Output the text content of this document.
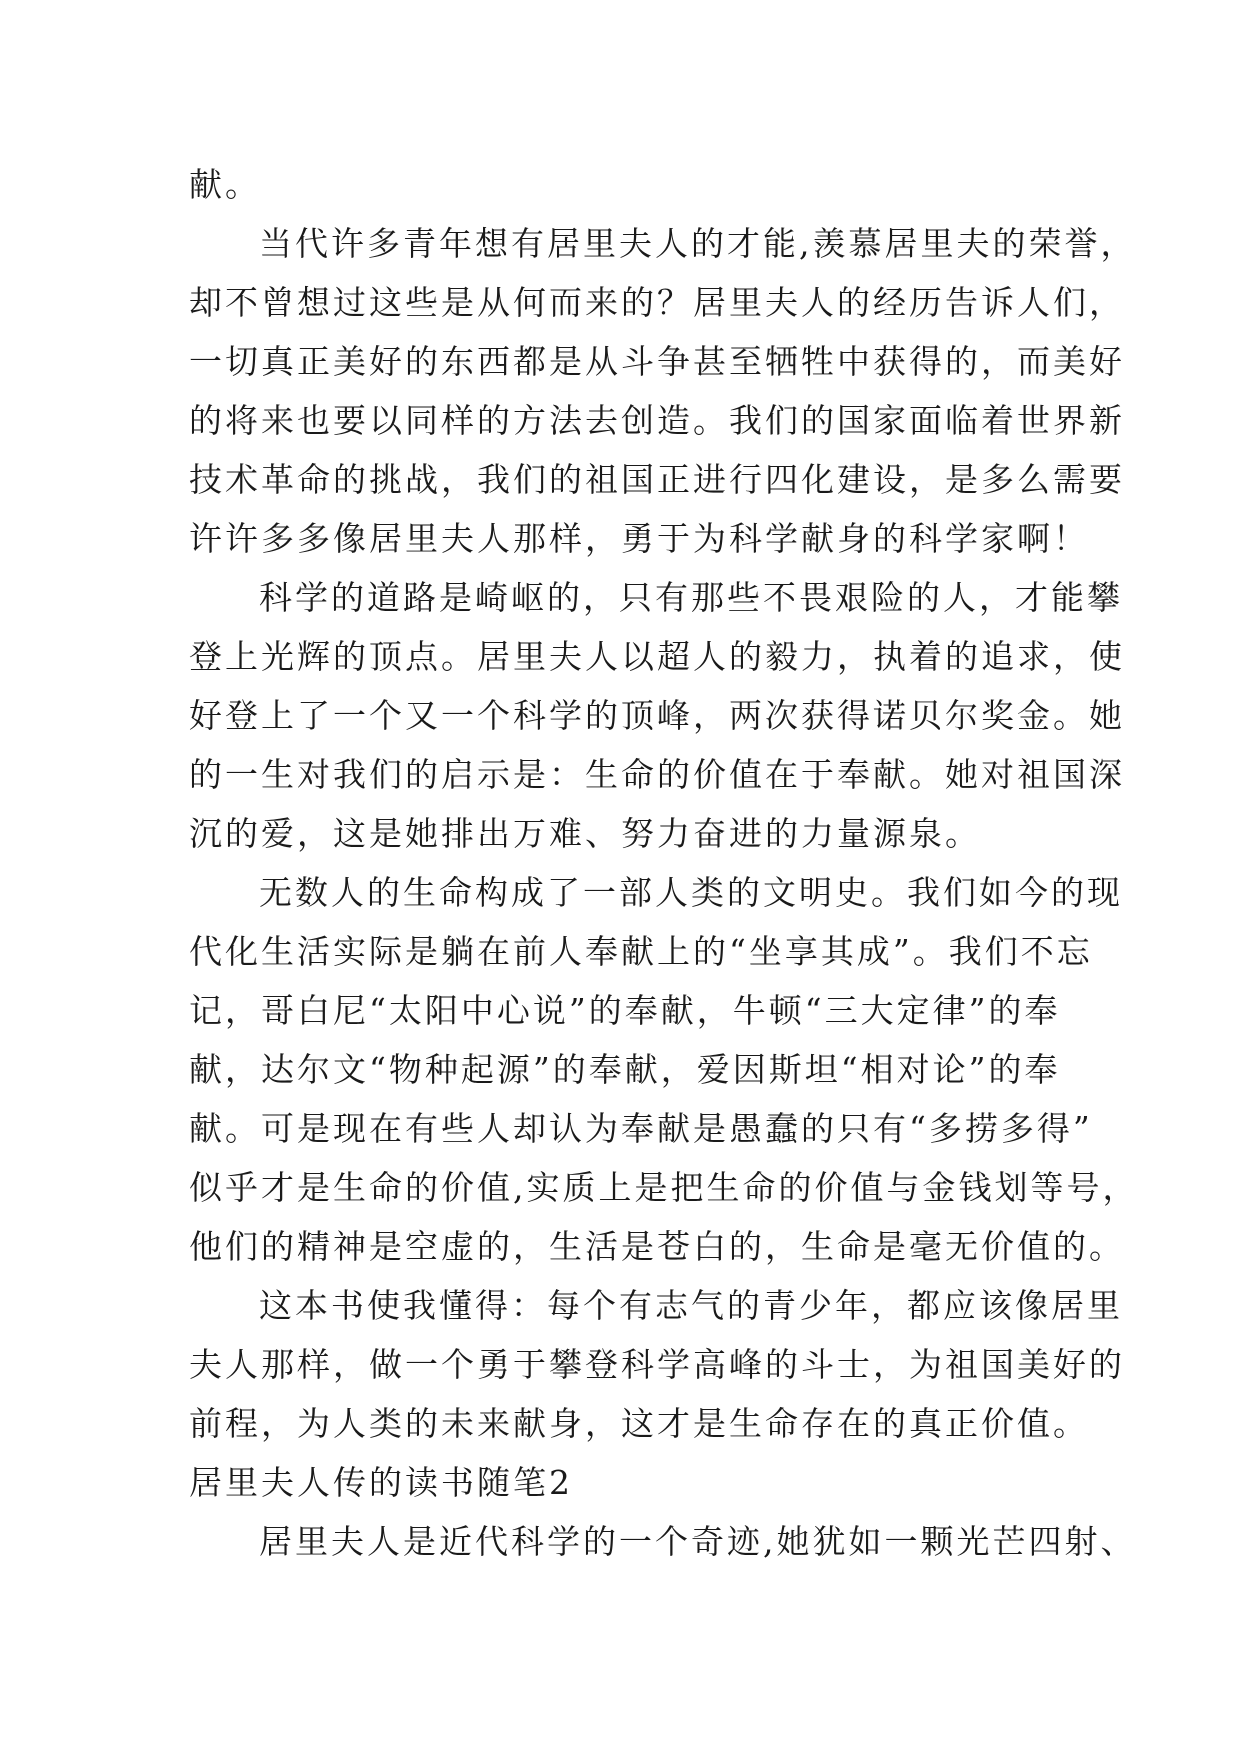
献。
当代许多青年想有居里夫人的才能,羡慕居里夫的荣誉，
却不曾想过这些是从何而来的？居里夫人的经历告诉人们，
一切真正美好的东西都是从斗争甚至牺牲中获得的，而美好
的将来也要以同样的方法去创造。我们的国家面临着世界新
技术革命的挑战，我们的祖国正进行四化建设，是多么需要
许许多多像居里夫人那样，勇于为科学献身的科学家啊！
科学的道路是崎岖的，只有那些不畏艰险的人，才能攀
登上光辉的顶点。居里夫人以超人的毅力，执着的追求，使
好登上了一个又一个科学的顶峰，两次获得诺贝尔奖金。她
的一生对我们的启示是：生命的价值在于奉献。她对祖国深
沉的爱，这是她排出万难、努力奋进的力量源泉。
无数人的生命构成了一部人类的文明史。我们如今的现
代化生活实际是躺在前人奉献上的“坐享其成”。我们不忘
记，哥白尼“太阳中心说”的奉献，牛顿“三大定律”的奉
献，达尔文“物种起源”的奉献，爱因斯坦“相对论”的奉
献。可是现在有些人却认为奉献是愚蠢的只有“多捞多得”
似乎才是生命的价值,实质上是把生命的价值与金钱划等号，
他们的精神是空虚的，生活是苍白的，生命是毫无价值的。
这本书使我懂得：每个有志气的青少年，都应该像居里
夫人那样，做一个勇于攀登科学高峰的斗士，为祖国美好的
前程，为人类的未来献身，这才是生命存在的真正价值。
居里夫人传的读书随笔2
居里夫人是近代科学的一个奇迹,她犹如一颗光芒四射、
